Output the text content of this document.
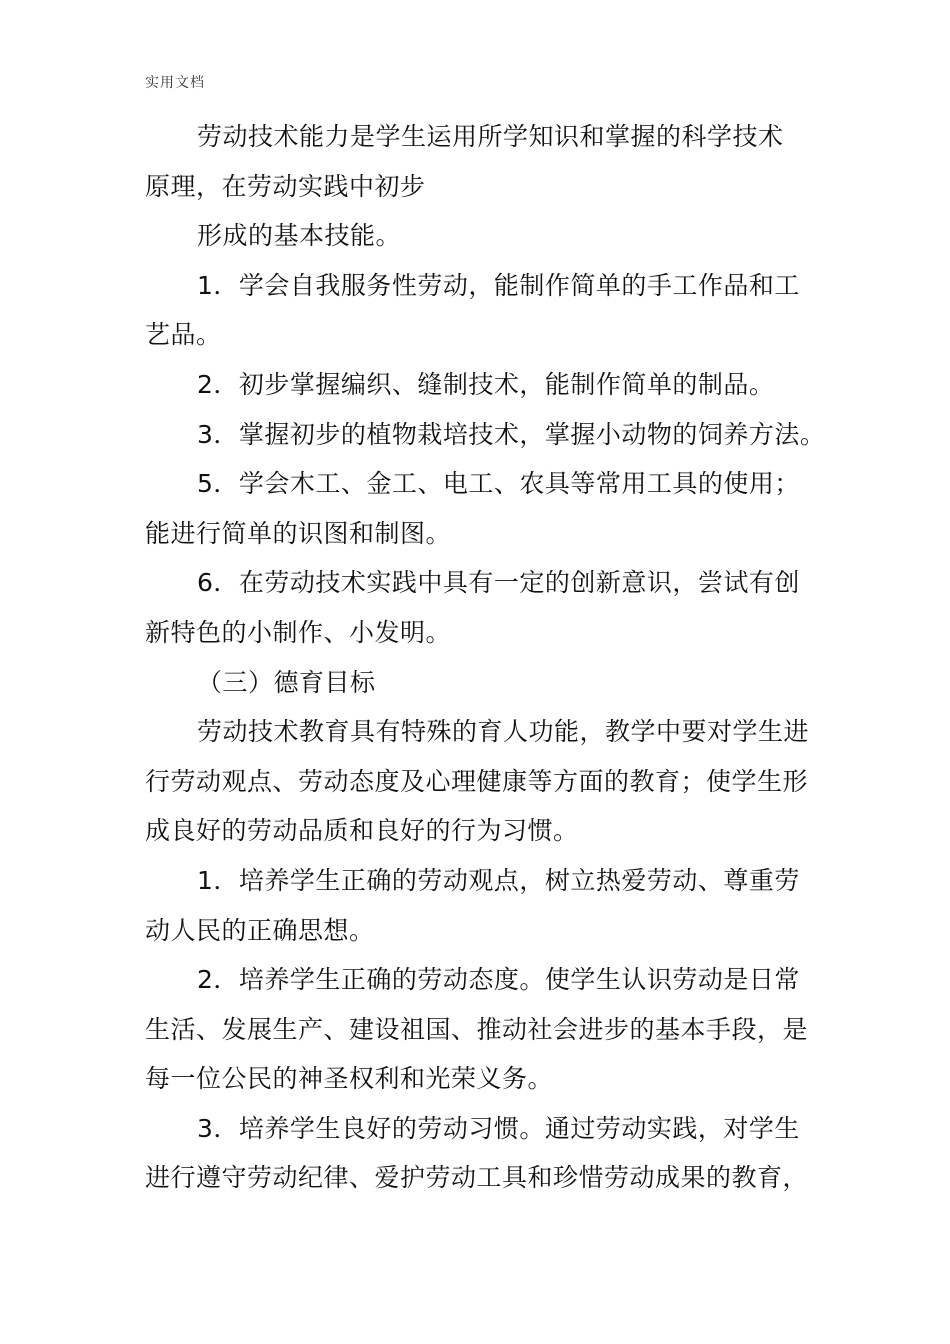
实用文档
劳动技术能力是学生运用所学知识和掌握的科学技术
原理，在劳动实践中初步
形成的基本技能。
1．学会自我服务性劳动，能制作简单的手工作品和工
艺品。
2．初步掌握编织、缝制技术，能制作简单的制品。
3．掌握初步的植物栽培技术，掌握小动物的饲养方法。
5．学会木工、金工、电工、农具等常用工具的使用；
能进行简单的识图和制图。
6．在劳动技术实践中具有一定的创新意识，尝试有创
新特色的小制作、小发明。
（三）德育目标
劳动技术教育具有特殊的育人功能，教学中要对学生进
行劳动观点、劳动态度及心理健康等方面的教育；使学生形
成良好的劳动品质和良好的行为习惯。
1．培养学生正确的劳动观点，树立热爱劳动、尊重劳
动人民的正确思想。
2．培养学生正确的劳动态度。使学生认识劳动是日常
生活、发展生产、建设祖国、推动社会进步的基本手段，是
每一位公民的神圣权利和光荣义务。
3．培养学生良好的劳动习惯。通过劳动实践，对学生
进行遵守劳动纪律、爱护劳动工具和珍惜劳动成果的教育，
